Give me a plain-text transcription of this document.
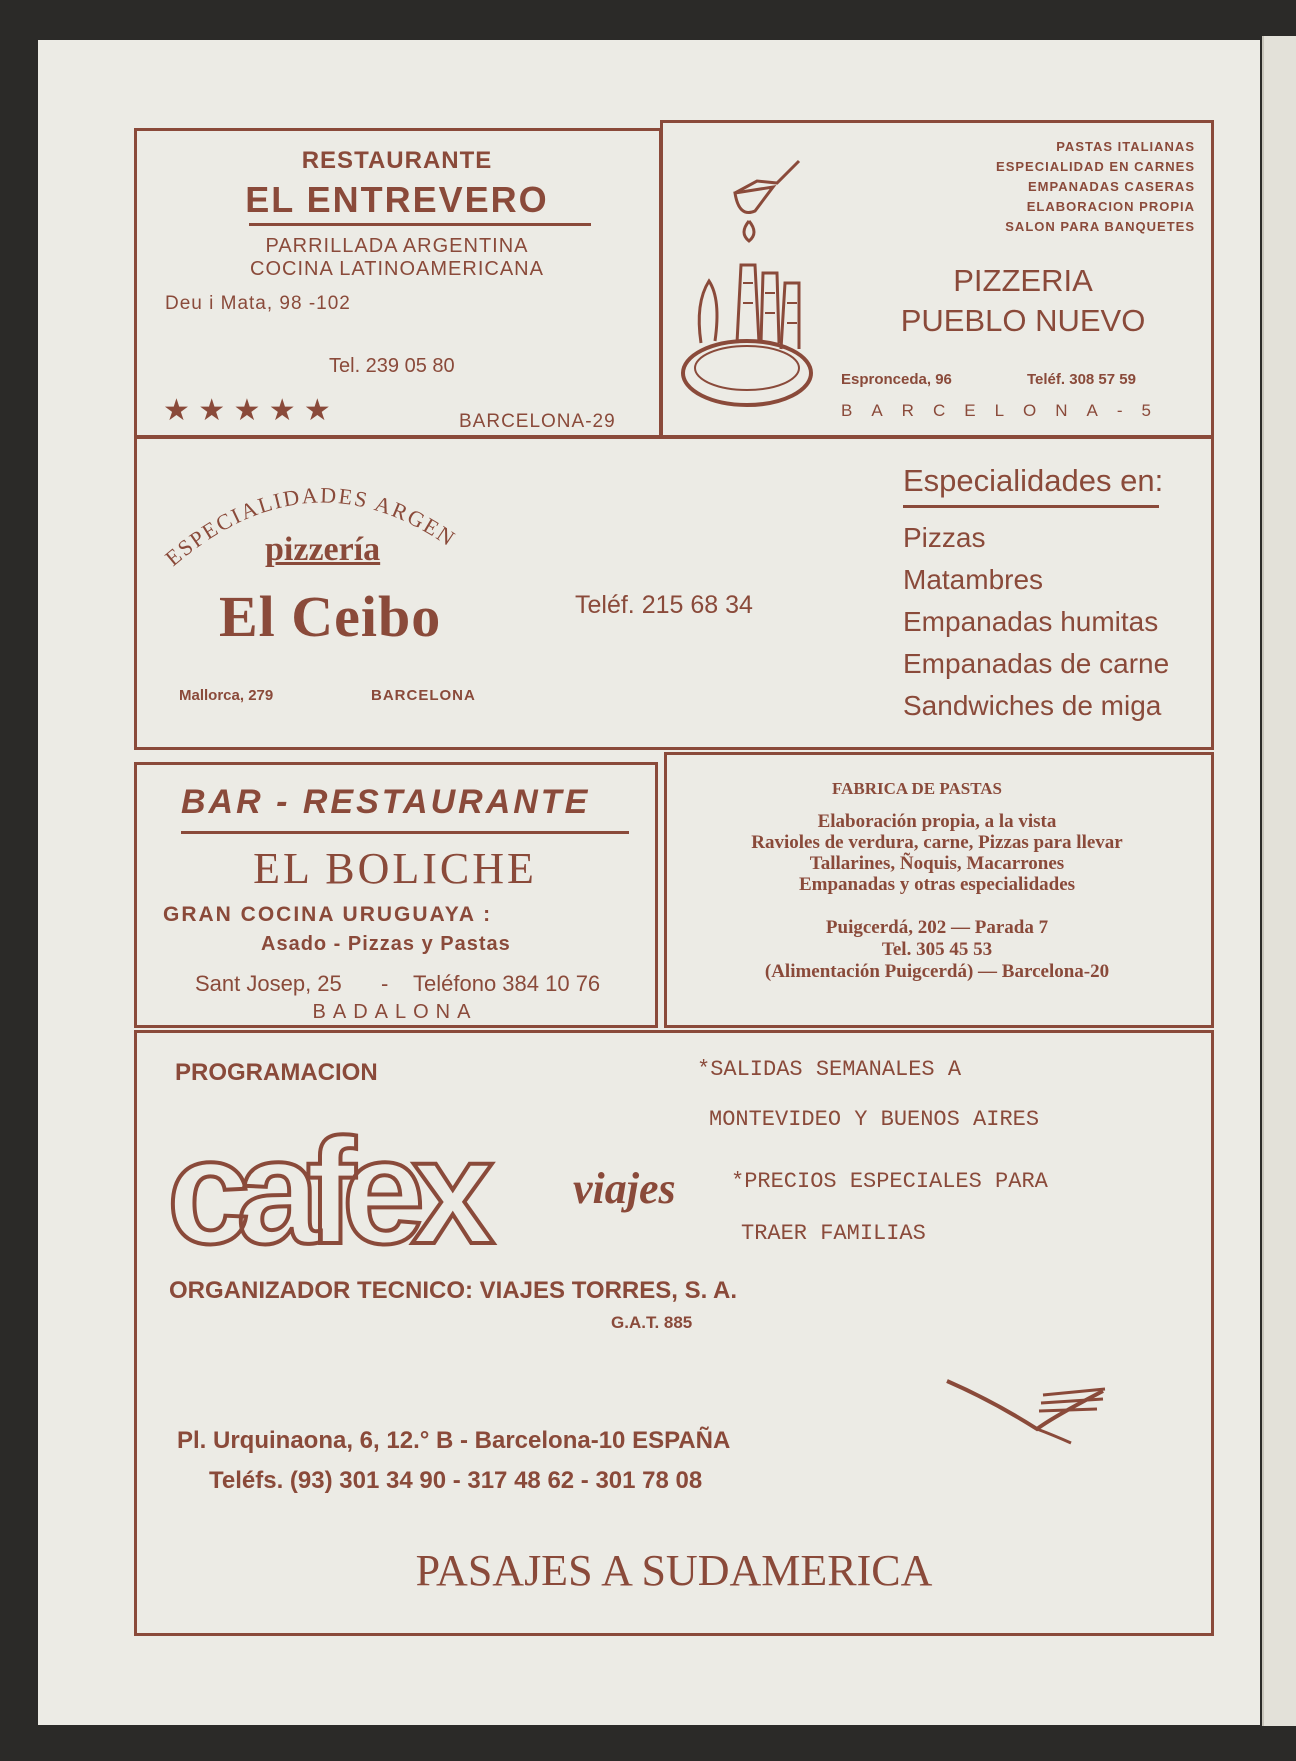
RESTAURANTE
EL ENTREVERO
PARRILLADA ARGENTINA
COCINA LATINOAMERICANA
Deu i Mata, 98 -102
Tel. 239 05 80
★ ★ ★ ★ ★	BARCELONA-29
PASTAS ITALIANAS
ESPECIALIDAD EN CARNES
EMPANADAS CASERAS
ELABORACION PROPIA
SALON PARA BANQUETES
PIZZERIA
PUEBLO NUEVO
Espronceda, 96	Teléf. 308 57 59
BARCELONA-5
ESPECIALIDADES ARGENTINAS
pizzería
El Ceibo
Mallorca, 279	BARCELONA
Teléf. 215 68 34
Especialidades en:
Pizzas
Matambres
Empanadas humitas
Empanadas de carne
Sandwiches de miga
BAR - RESTAURANTE
EL BOLICHE
GRAN COCINA URUGUAYA :
Asado - Pizzas y Pastas
Sant Josep, 25 - Teléfono 384 10 76
BADALONA
FABRICA DE PASTAS
Elaboración propia, a la vista
Ravioles de verdura, carne, Pizzas para llevar
Tallarines, Ñoquis, Macarrones
Empanadas y otras especialidades
Puigcerdá, 202 — Parada 7
Tel. 305 45 53
(Alimentación Puigcerdá) — Barcelona-20
PROGRAMACION
cafex	viajes
*SALIDAS SEMANALES A
MONTEVIDEO Y BUENOS AIRES
*PRECIOS ESPECIALES PARA
TRAER FAMILIAS
ORGANIZADOR TECNICO: VIAJES TORRES, S. A.
G.A.T. 885
Pl. Urquinaona, 6, 12.° B - Barcelona-10 ESPAÑA
Teléfs. (93) 301 34 90 - 317 48 62 - 301 78 08
PASAJES A SUDAMERICA
